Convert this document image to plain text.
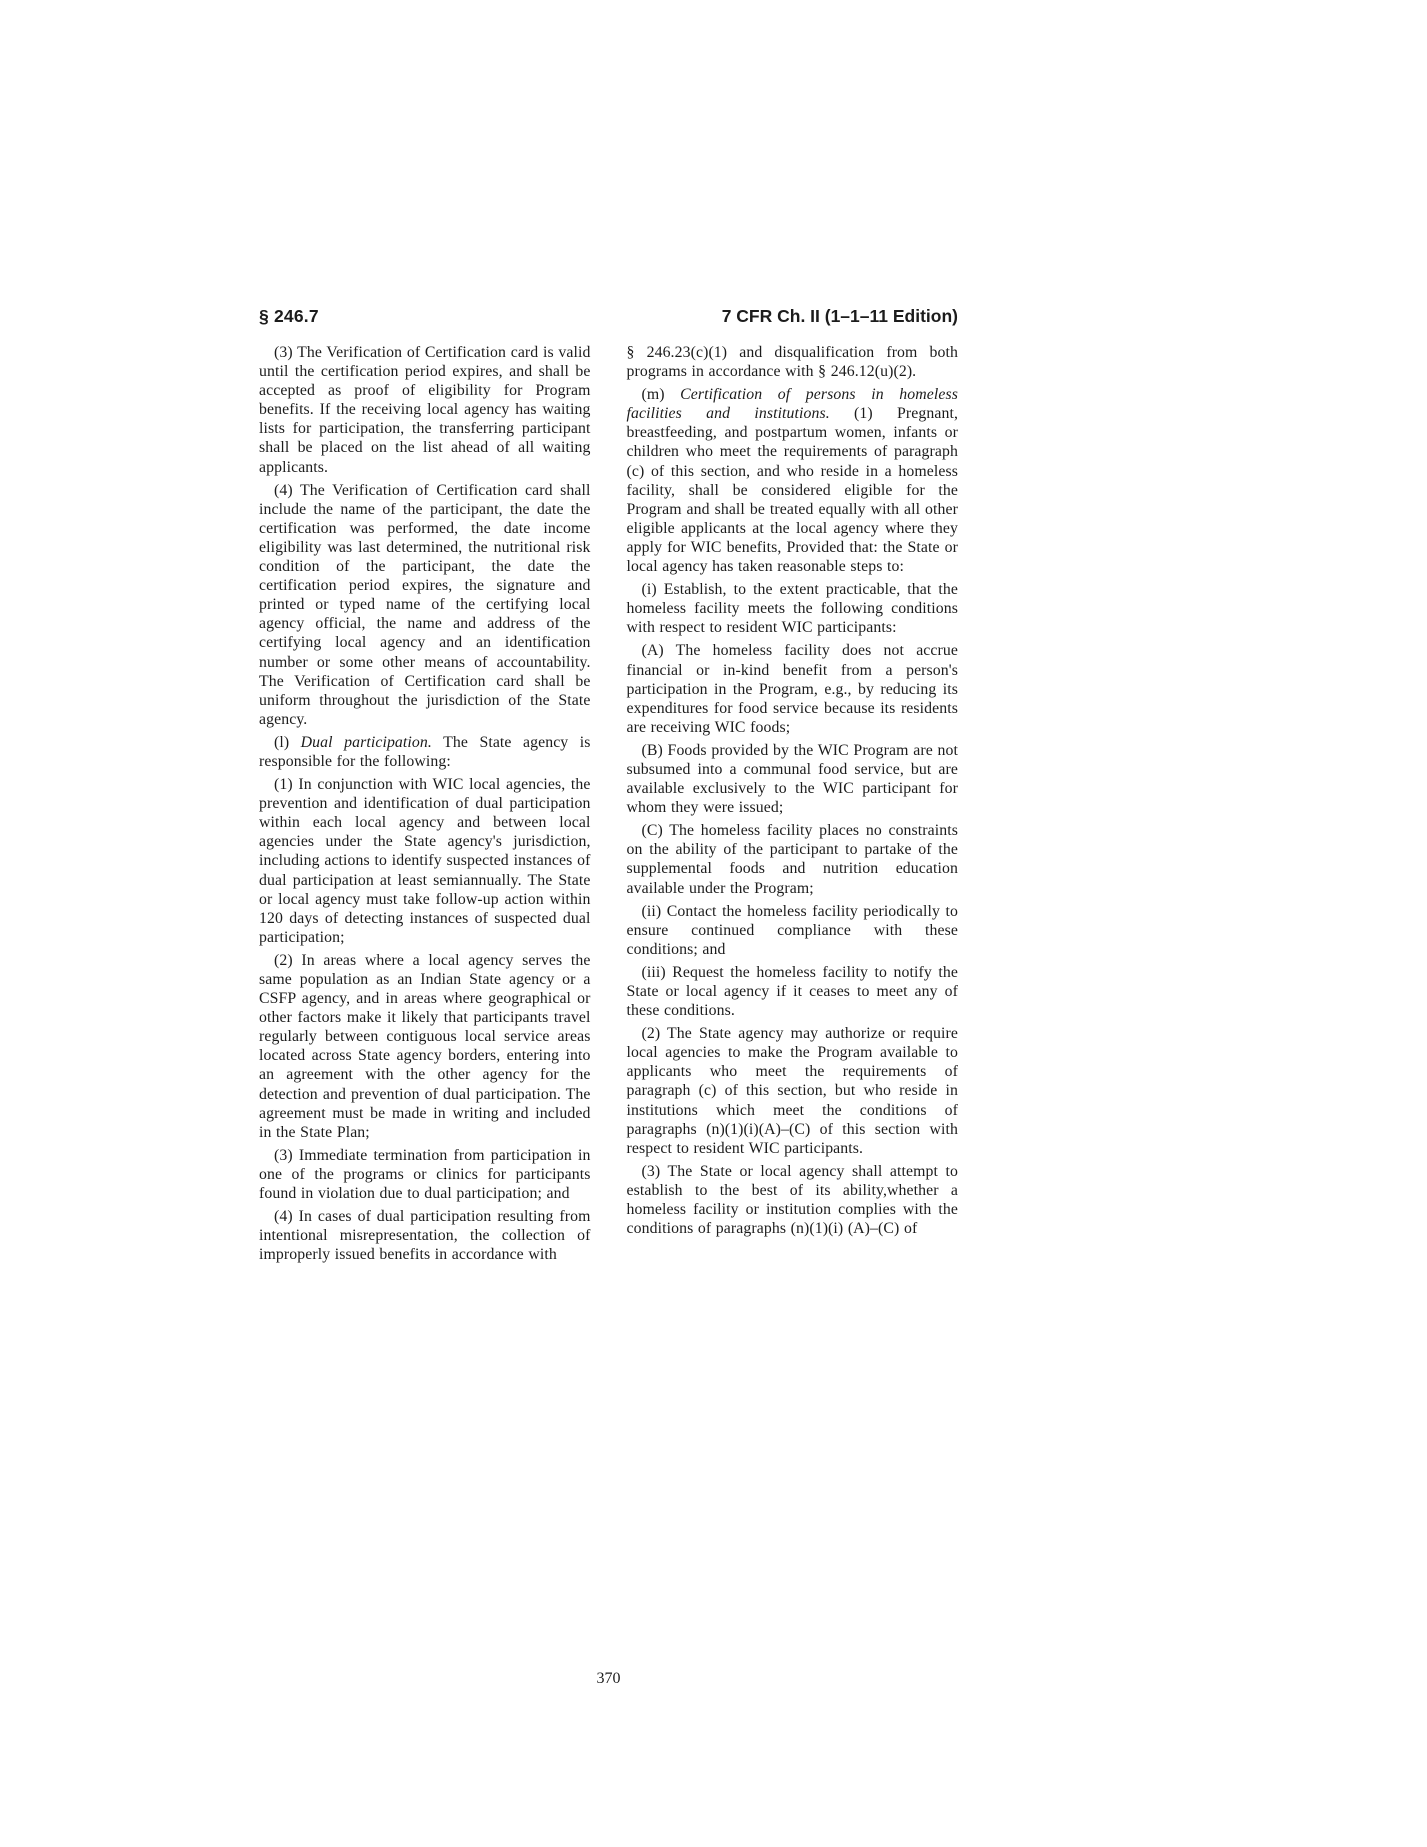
§ 246.7	7 CFR Ch. II (1–1–11 Edition)

(3) The Verification of Certification card is valid until the certification period expires, and shall be accepted as proof of eligibility for Program benefits. If the receiving local agency has waiting lists for participation, the transferring participant shall be placed on the list ahead of all waiting applicants.

(4) The Verification of Certification card shall include the name of the participant, the date the certification was performed, the date income eligibility was last determined, the nutritional risk condition of the participant, the date the certification period expires, the signature and printed or typed name of the certifying local agency official, the name and address of the certifying local agency and an identification number or some other means of accountability. The Verification of Certification card shall be uniform throughout the jurisdiction of the State agency.

(l) Dual participation. The State agency is responsible for the following:

(1) In conjunction with WIC local agencies, the prevention and identification of dual participation within each local agency and between local agencies under the State agency's jurisdiction, including actions to identify suspected instances of dual participation at least semiannually. The State or local agency must take follow-up action within 120 days of detecting instances of suspected dual participation;

(2) In areas where a local agency serves the same population as an Indian State agency or a CSFP agency, and in areas where geographical or other factors make it likely that participants travel regularly between contiguous local service areas located across State agency borders, entering into an agreement with the other agency for the detection and prevention of dual participation. The agreement must be made in writing and included in the State Plan;

(3) Immediate termination from participation in one of the programs or clinics for participants found in violation due to dual participation; and

(4) In cases of dual participation resulting from intentional misrepresentation, the collection of improperly issued benefits in accordance with

§ 246.23(c)(1) and disqualification from both programs in accordance with § 246.12(u)(2).

(m) Certification of persons in homeless facilities and institutions. (1) Pregnant, breastfeeding, and postpartum women, infants or children who meet the requirements of paragraph (c) of this section, and who reside in a homeless facility, shall be considered eligible for the Program and shall be treated equally with all other eligible applicants at the local agency where they apply for WIC benefits, Provided that: the State or local agency has taken reasonable steps to:

(i) Establish, to the extent practicable, that the homeless facility meets the following conditions with respect to resident WIC participants:

(A) The homeless facility does not accrue financial or in-kind benefit from a person's participation in the Program, e.g., by reducing its expenditures for food service because its residents are receiving WIC foods;

(B) Foods provided by the WIC Program are not subsumed into a communal food service, but are available exclusively to the WIC participant for whom they were issued;

(C) The homeless facility places no constraints on the ability of the participant to partake of the supplemental foods and nutrition education available under the Program;

(ii) Contact the homeless facility periodically to ensure continued compliance with these conditions; and

(iii) Request the homeless facility to notify the State or local agency if it ceases to meet any of these conditions.

(2) The State agency may authorize or require local agencies to make the Program available to applicants who meet the requirements of paragraph (c) of this section, but who reside in institutions which meet the conditions of paragraphs (n)(1)(i)(A)–(C) of this section with respect to resident WIC participants.

(3) The State or local agency shall attempt to establish to the best of its ability,whether a homeless facility or institution complies with the conditions of paragraphs (n)(1)(i) (A)–(C) of

370
